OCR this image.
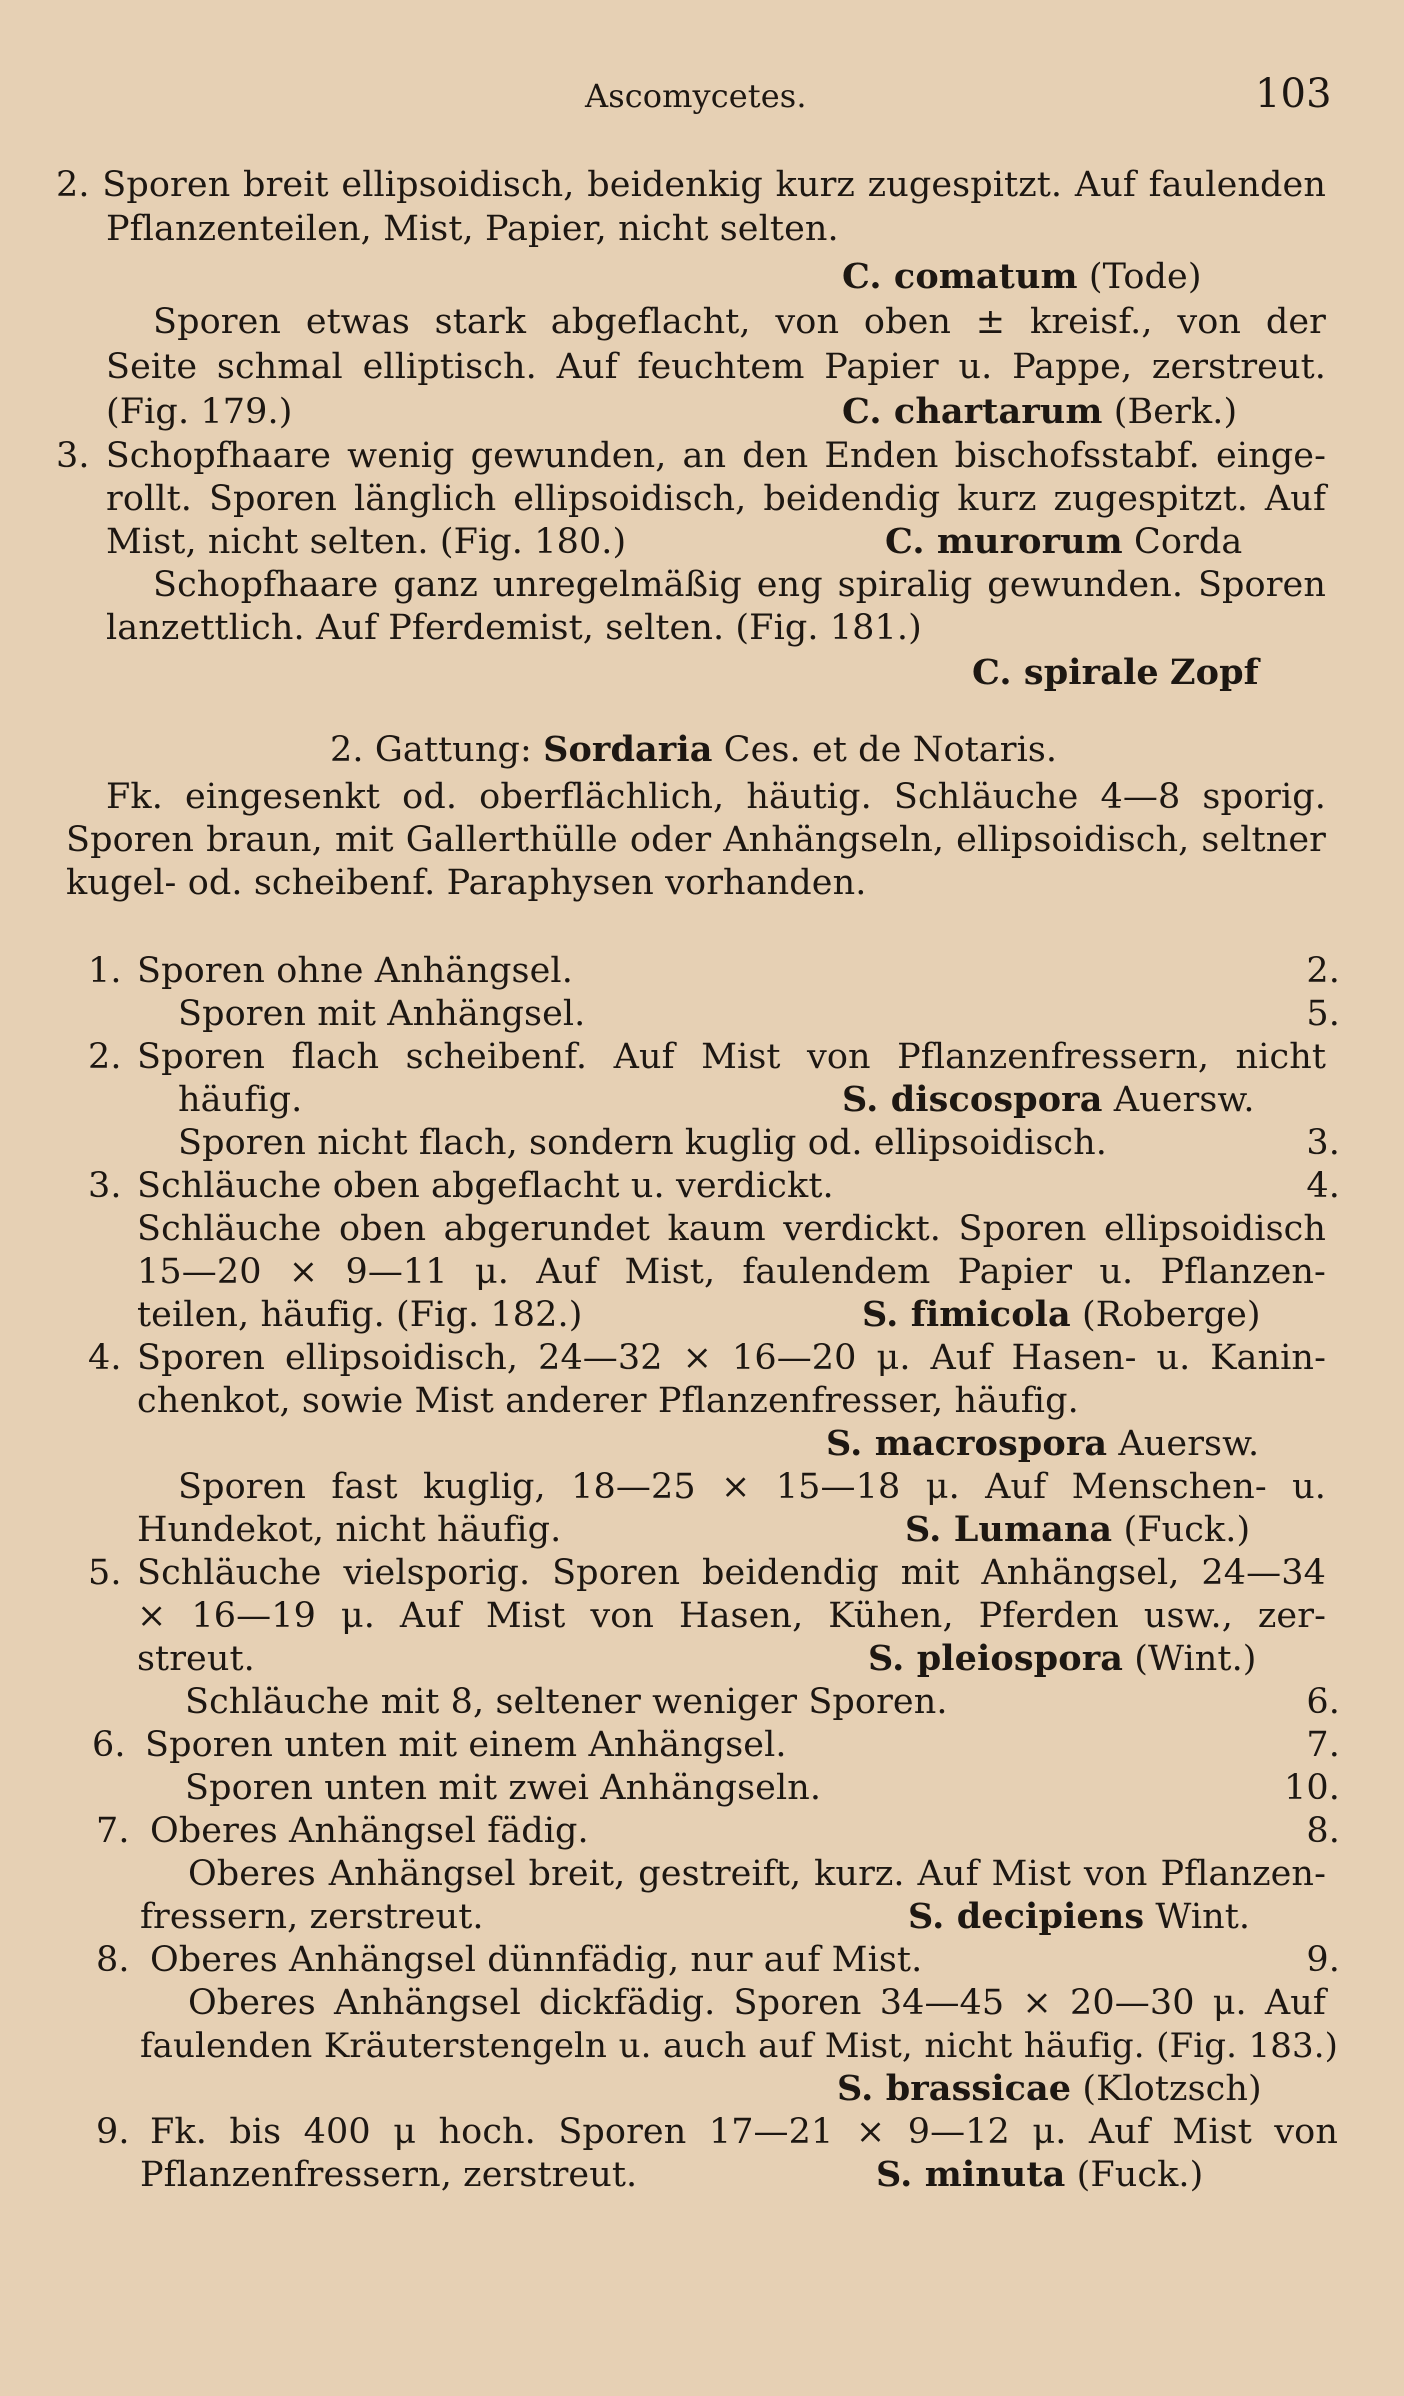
Ascomycetes.	103
2. Sporen breit ellipsoidisch, beidenkig kurz zugespitzt. Auf faulenden
Pflanzenteilen, Mist, Papier, nicht selten.
C. comatum (Tode)
Sporen etwas stark abgeflacht, von oben ± kreisf., von der
Seite schmal elliptisch. Auf feuchtem Papier u. Pappe, zerstreut.
(Fig. 179.)	C. chartarum (Berk.)
3. Schopfhaare wenig gewunden, an den Enden bischofsstabf. einge-
rollt. Sporen länglich ellipsoidisch, beidendig kurz zugespitzt. Auf
Mist, nicht selten. (Fig. 180.)	C. murorum Corda
Schopfhaare ganz unregelmäßig eng spiralig gewunden. Sporen
lanzettlich. Auf Pferdemist, selten. (Fig. 181.)
C. spirale Zopf
2. Gattung: Sordaria Ces. et de Notaris.
Fk. eingesenkt od. oberflächlich, häutig. Schläuche 4—8 sporig.
Sporen braun, mit Gallerthülle oder Anhängseln, ellipsoidisch, seltner
kugel- od. scheibenf. Paraphysen vorhanden.
1. Sporen ohne Anhängsel.	2.
Sporen mit Anhängsel.	5.
2. Sporen flach scheibenf. Auf Mist von Pflanzenfressern, nicht
häufig.	S. discospora Auersw.
Sporen nicht flach, sondern kuglig od. ellipsoidisch.	3.
3. Schläuche oben abgeflacht u. verdickt.	4.
Schläuche oben abgerundet kaum verdickt. Sporen ellipsoidisch
15—20 × 9—11 μ. Auf Mist, faulendem Papier u. Pflanzen-
teilen, häufig. (Fig. 182.)	S. fimicola (Roberge)
4. Sporen ellipsoidisch, 24—32 × 16—20 μ. Auf Hasen- u. Kanin-
chenkot, sowie Mist anderer Pflanzenfresser, häufig.
S. macrospora Auersw.
Sporen fast kuglig, 18—25 × 15—18 μ. Auf Menschen- u.
Hundekot, nicht häufig.	S. Lumana (Fuck.)
5. Schläuche vielsporig. Sporen beidendig mit Anhängsel, 24—34
× 16—19 μ. Auf Mist von Hasen, Kühen, Pferden usw., zer-
streut.	S. pleiospora (Wint.)
Schläuche mit 8, seltener weniger Sporen.	6.
6. Sporen unten mit einem Anhängsel.	7.
Sporen unten mit zwei Anhängseln.	10.
7. Oberes Anhängsel fädig.	8.
Oberes Anhängsel breit, gestreift, kurz. Auf Mist von Pflanzen-
fressern, zerstreut.	S. decipiens Wint.
8. Oberes Anhängsel dünnfädig, nur auf Mist.	9.
Oberes Anhängsel dickfädig. Sporen 34—45 × 20—30 μ. Auf
faulenden Kräuterstengeln u. auch auf Mist, nicht häufig. (Fig. 183.)
S. brassicae (Klotzsch)
9. Fk. bis 400 μ hoch. Sporen 17—21 × 9—12 μ. Auf Mist von
Pflanzenfressern, zerstreut.	S. minuta (Fuck.)
